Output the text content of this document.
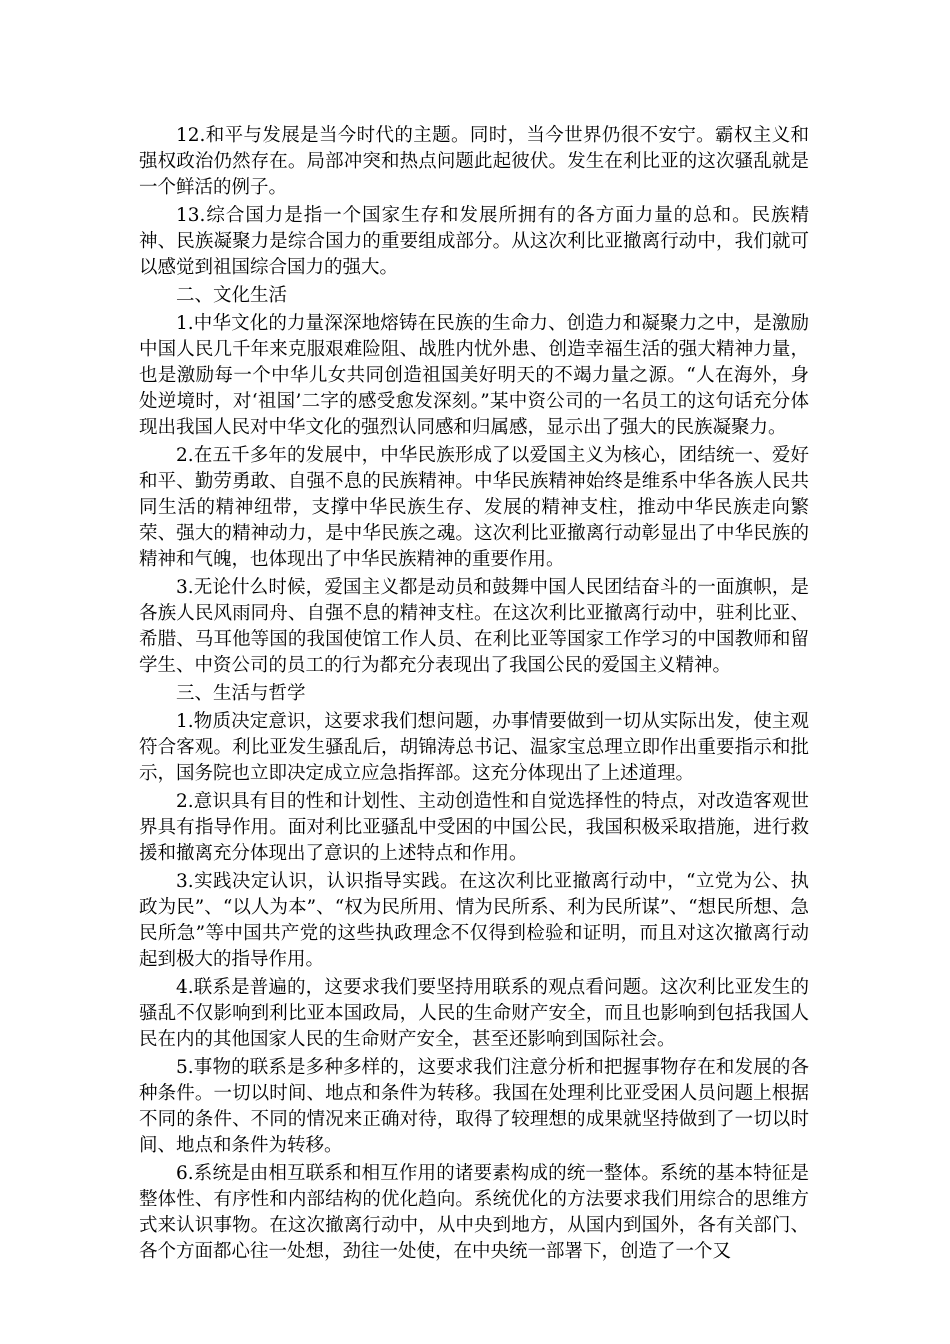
12.和平与发展是当今时代的主题。同时，当今世界仍很不安宁。霸权主义和强权政治仍然存在。局部冲突和热点问题此起彼伏。发生在利比亚的这次骚乱就是一个鲜活的例子。

13.综合国力是指一个国家生存和发展所拥有的各方面力量的总和。民族精神、民族凝聚力是综合国力的重要组成部分。从这次利比亚撤离行动中，我们就可以感觉到祖国综合国力的强大。

二、文化生活

1.中华文化的力量深深地熔铸在民族的生命力、创造力和凝聚力之中，是激励中国人民几千年来克服艰难险阻、战胜内忧外患、创造幸福生活的强大精神力量，也是激励每一个中华儿女共同创造祖国美好明天的不竭力量之源。“人在海外，身处逆境时，对‘祖国’二字的感受愈发深刻。”某中资公司的一名员工的这句话充分体现出我国人民对中华文化的强烈认同感和归属感，显示出了强大的民族凝聚力。

2.在五千多年的发展中，中华民族形成了以爱国主义为核心，团结统一、爱好和平、勤劳勇敢、自强不息的民族精神。中华民族精神始终是维系中华各族人民共同生活的精神纽带，支撑中华民族生存、发展的精神支柱，推动中华民族走向繁荣、强大的精神动力，是中华民族之魂。这次利比亚撤离行动彰显出了中华民族的精神和气魄，也体现出了中华民族精神的重要作用。

3.无论什么时候，爱国主义都是动员和鼓舞中国人民团结奋斗的一面旗帜，是各族人民风雨同舟、自强不息的精神支柱。在这次利比亚撤离行动中，驻利比亚、希腊、马耳他等国的我国使馆工作人员、在利比亚等国家工作学习的中国教师和留学生、中资公司的员工的行为都充分表现出了我国公民的爱国主义精神。

三、生活与哲学

1.物质决定意识，这要求我们想问题，办事情要做到一切从实际出发，使主观符合客观。利比亚发生骚乱后，胡锦涛总书记、温家宝总理立即作出重要指示和批示，国务院也立即决定成立应急指挥部。这充分体现出了上述道理。

2.意识具有目的性和计划性、主动创造性和自觉选择性的特点，对改造客观世界具有指导作用。面对利比亚骚乱中受困的中国公民，我国积极采取措施，进行救援和撤离充分体现出了意识的上述特点和作用。

3.实践决定认识，认识指导实践。在这次利比亚撤离行动中，“立党为公、执政为民”、“以人为本”、“权为民所用、情为民所系、利为民所谋”、“想民所想、急民所急”等中国共产党的这些执政理念不仅得到检验和证明，而且对这次撤离行动起到极大的指导作用。

4.联系是普遍的，这要求我们要坚持用联系的观点看问题。这次利比亚发生的骚乱不仅影响到利比亚本国政局，人民的生命财产安全，而且也影响到包括我国人民在内的其他国家人民的生命财产安全，甚至还影响到国际社会。

5.事物的联系是多种多样的，这要求我们注意分析和把握事物存在和发展的各种条件。一切以时间、地点和条件为转移。我国在处理利比亚受困人员问题上根据不同的条件、不同的情况来正确对待，取得了较理想的成果就坚持做到了一切以时间、地点和条件为转移。

6.系统是由相互联系和相互作用的诸要素构成的统一整体。系统的基本特征是整体性、有序性和内部结构的优化趋向。系统优化的方法要求我们用综合的思维方式来认识事物。在这次撤离行动中，从中央到地方，从国内到国外，各有关部门、各个方面都心往一处想，劲往一处使，在中央统一部署下，创造了一个又
